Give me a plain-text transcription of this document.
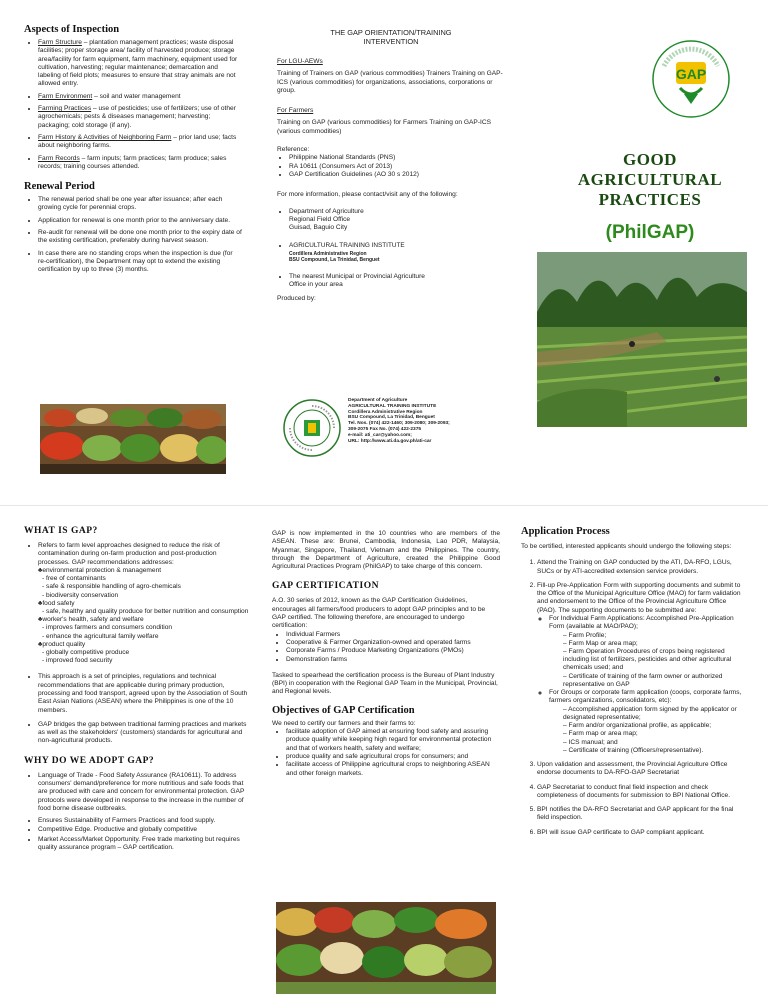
Aspects of Inspection
• Farm Structure – plantation management practices; waste disposal facilities; proper storage area/ facility of harvested produce; storage area/facility for farm equipment, farm machinery, equipment used for cultivation, harvesting; regular maintenance; demarcation and labeling of field plots; measures to ensure that stray animals are not allowed entry.
• Farm Environment – soil and water management
• Farming Practices – use of pesticides; use of fertilizers; use of other agrochemicals; pests & diseases management; harvesting; packaging; cold storage (if any).
• Farm History & Activities of Neighboring Farm – prior land use; facts about neighboring farms.
• Farm Records – farm inputs; farm practices; farm produce; sales records; training courses attended.
Renewal Period
• The renewal period shall be one year after issuance; after each growing cycle for perennial crops.
• Application for renewal is one month prior to the anniversary date.
• Re-audit for renewal will be done one month prior to the expiry date of the existing certification, preferably during harvest season.
• In case there are no standing crops when the inspection is due (for re-certification), the Department may opt to extend the existing certification by up to three (3) months.
THE GAP ORIENTATION/TRAINING
INTERVENTION
For LGU-AEWs
Training of Trainers on GAP (various commodities) Trainers Training on GAP-ICS (various commodities) for organizations, associations, corporations or group.
For Farmers
Training on GAP (various commodities) for Farmers Training on GAP-ICS (various commodities)
Reference:
• Philippine National Standards (PNS)
• RA 10611 (Consumers Act of 2013)
• GAP Certification Guidelines (AO 30 s 2012)
For more information, please contact/visit any of the following:
• Department of Agriculture
Regional Field Office
Guisad, Baguio City
• AGRICULTURAL TRAINING INSTITUTE
Cordillera Administrative Region
BSU Compound, La Trinidad, Benguet
• The nearest Municipal or Provincial Agriculture
Office in your area
Produced by:
Department of Agriculture
AGRICULTURAL TRAINING INSTITUTE
Cordillera Administrative Region
BSU Compound, La Trinidad, Benguet
Tel. Nos. (074) 422-1460; 309-2080; 309-2093;
309-2075 Fax No. (074) 422-2375
e-mail: ati_car@yahoo.com;
URL: http://www.ati.da.gov.ph/ati-car
GAP
GOOD
AGRICULTURAL
PRACTICES
(PhilGAP)
WHAT IS GAP?
• Refers to farm level approaches designed to reduce the risk of contamination during on-farm production and post-production processes. GAP recommendations addresses:
♣environmental protection & management
- free of contaminants
- safe & responsible handling of agro-chemicals
- biodiversity conservation
♣food safety
- safe, healthy and quality produce for better nutrition and consumption
♣worker's health, safety and welfare
- improves farmers and consumers condition
- enhance the agricultural family welfare
♣product quality
- globally competitive produce
- improved food security
• This approach is a set of principles, regulations and technical recommendations that are applicable during primary production, processing and food transport, agreed upon by the Association of South East Asian Nations (ASEAN) where the Philippines is one of the 10 members.
• GAP bridges the gap between traditional farming practices and markets as well as the stakeholders' (customers) standards for agricultural and non-agricultural products.
WHY DO WE ADOPT GAP?
• Language of Trade - Food Safety Assurance (RA10611). To address consumers' demand/preference for more nutritious and safe foods that are produced with care and concern for environmental protection. GAP protocols were developed in response to the increase in the number of food borne disease outbreaks.
• Ensures Sustainability of Farmers Practices and food supply.
• Competitive Edge. Productive and globally competitive
• Market Access/Market Opportunity. Free trade marketing but requires quality assurance program – GAP certification.
GAP is now implemented in the 10 countries who are members of the ASEAN. These are: Brunei, Cambodia, Indonesia, Lao PDR, Malaysia, Myanmar, Singapore, Thailand, Vietnam and the Philippines. The country, through the Department of Agriculture, created the Philippine Good Agricultural Practices Program (PhilGAP) to take charge of this concern.
GAP CERTIFICATION
A.O. 30 series of 2012, known as the GAP Certification Guidelines, encourages all farmers/food producers to adopt GAP principles and to be GAP certified. The following therefore, are encouraged to undergo certification:
• Individual Farmers
• Cooperative & Farmer Organization-owned and operated farms
• Corporate Farms / Produce Marketing Organizations (PMOs)
• Demonstration farms
Tasked to spearhead the certification process is the Bureau of Plant Industry (BPI) in cooperation with the Regional GAP Team in the Municipal, Provincial, and Regional levels.
Objectives of GAP Certification
We need to certify our farmers and their farms to:
• facilitate adoption of GAP aimed at ensuring food safety and assuring produce quality while keeping high regard for environmental protection and that of workers health, safety and welfare;
• produce quality and safe agricultural crops for consumers; and
• facilitate access of Philippine agricultural crops to neighboring ASEAN and other foreign markets.
Application Process
To be certified, interested applicants should undergo the following steps:
1. Attend the Training on GAP conducted by the ATI, DA-RFO, LGUs, SUCs or by ATI-accredited extension service providers.
2. Fill-up Pre-Application Form with supporting documents and submit to the Office of the Municipal Agriculture Office (MAO) for farm validation and endorsement to the Office of the Provincial Agriculture Office (PAO). The supporting documents to be submitted are:
◦ For Individual Farm Applications: Accomplished Pre-Application Form (available at MAO/PAO);
– Farm Profile;
– Farm Map or area map;
– Farm Operation Procedures of crops being registered including list of fertilizers, pesticides and other agricultural chemicals used; and
– Certificate of training of the farm owner or authorized representative on GAP
◦ For Groups or corporate farm application (coops, corporate farms, farmers organizations, consolidators, etc):
– Accomplished application form signed by the applicator or designated representative;
– Farm and/or organizational profile, as applicable;
– Farm map or area map;
– ICS manual; and
– Certificate of training (Officers/representative).
3. Upon validation and assessment, the Provincial Agriculture Office endorse documents to DA-RFO-GAP Secretariat
4. GAP Secretariat to conduct final field inspection and check completeness of documents for submission to BPI National Office.
5. BPI notifies the DA-RFO Secretariat and GAP applicant for the final field inspection.
6. BPI will issue GAP certificate to GAP compliant applicant.
